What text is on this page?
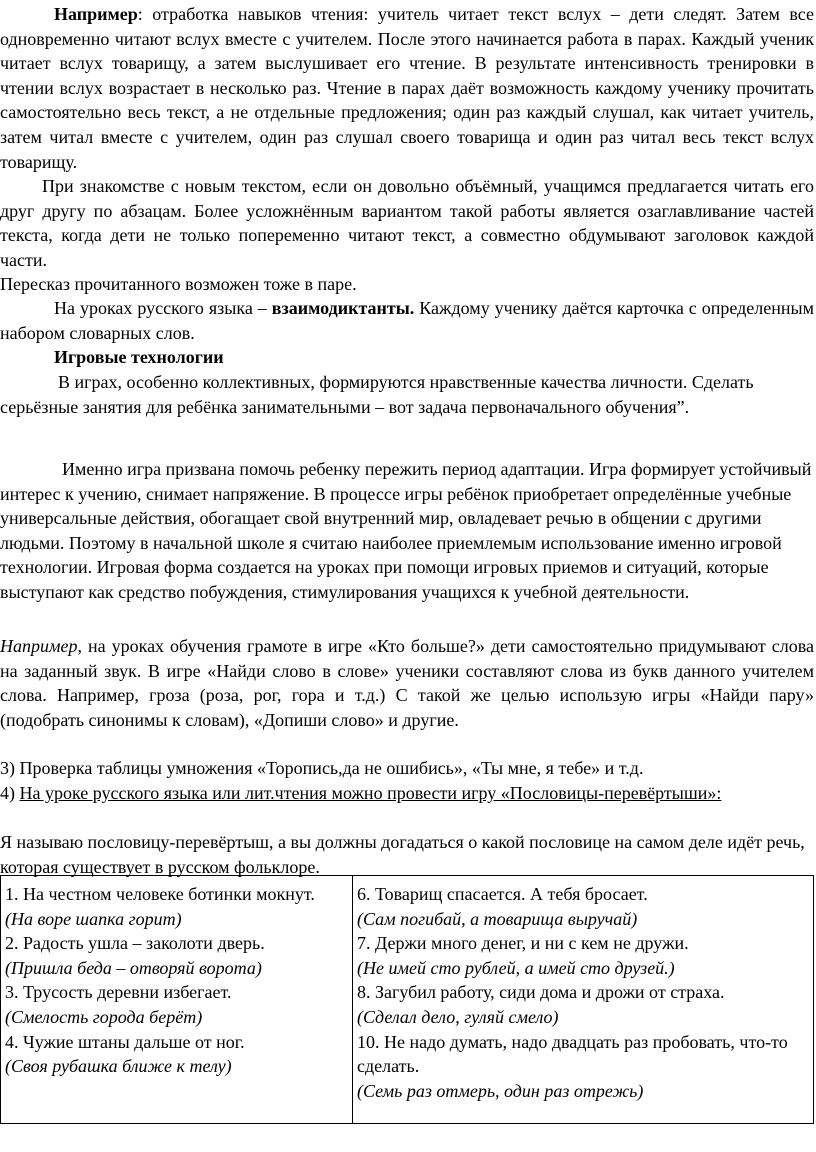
Например: отработка навыков чтения: учитель читает текст вслух – дети следят. Затем все одновременно читают вслух вместе с учителем. После этого начинается работа в парах. Каждый ученик читает вслух товарищу, а затем выслушивает его чтение. В результате интенсивность тренировки в чтении вслух возрастает в несколько раз. Чтение в парах даёт возможность каждому ученику прочитать самостоятельно весь текст, а не отдельные предложения; один раз каждый слушал, как читает учитель, затем читал вместе с учителем, один раз слушал своего товарища и один раз читал весь текст вслух товарищу.

При знакомстве с новым текстом, если он довольно объёмный, учащимся предлагается читать его друг другу по абзацам. Более усложнённым вариантом такой работы является озаглавливание частей текста, когда дети не только попеременно читают текст, а совместно обдумывают заголовок каждой части.

Пересказ прочитанного возможен тоже в паре.

На уроках русского языка – взаимодиктанты. Каждому ученику даётся карточка с определенным набором словарных слов.

Игровые технологии

В играх, особенно коллективных, формируются нравственные качества личности. Сделать серьёзные занятия для ребёнка занимательными – вот задача первоначального обучения”.

Именно игра призвана помочь ребенку пережить период адаптации. Игра формирует устойчивый интерес к учению, снимает напряжение. В процессе игры ребёнок приобретает определённые учебные универсальные действия, обогащает свой внутренний мир, овладевает речью в общении с другими людьми. Поэтому в начальной школе я считаю наиболее приемлемым использование именно игровой технологии. Игровая форма создается на уроках при помощи игровых приемов и ситуаций, которые выступают как средство побуждения, стимулирования учащихся к учебной деятельности.

Например, на уроках обучения грамоте в игре «Кто больше?» дети самостоятельно придумывают слова на заданный звук. В игре «Найди слово в слове» ученики составляют слова из букв данного учителем слова. Например, гроза (роза, рог, гора и т.д.) С такой же целью использую игры «Найди пару» (подобрать синонимы к словам), «Допиши слово» и другие.

3) Проверка таблицы умножения «Торопись,да не ошибись», «Ты мне, я тебе» и т.д.

4) На уроке русского языка или лит.чтения можно провести игру «Пословицы-перевёртыши»:

Я называю пословицу-перевёртыш, а вы должны догадаться о какой пословице на самом деле идёт речь, которая существует в русском фольклоре.

1. На честном человеке ботинки мокнут.
(На воре шапка горит)
2. Радость ушла – заколоти дверь.
(Пришла беда – отворяй ворота)
3. Трусость деревни избегает.
(Смелость города берёт)
4. Чужие штаны дальше от ног.
(Своя рубашка ближе к телу)

6. Товарищ спасается. А тебя бросает.
(Сам погибай, а товарища выручай)
7. Держи много денег, и ни с кем не дружи.
(Не имей сто рублей, а имей сто друзей.)
8. Загубил работу, сиди дома и дрожи от страха.
(Сделал дело, гуляй смело)
10. Не надо думать, надо двадцать раз пробовать, что-то сделать.
(Семь раз отмерь, один раз отрежь)
